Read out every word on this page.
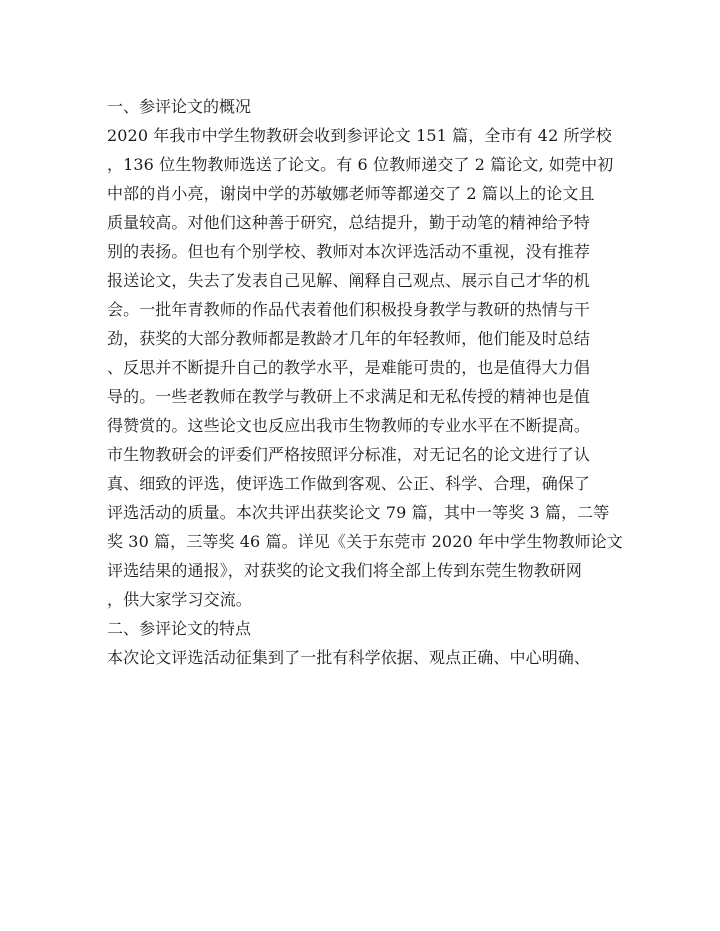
一、参评论文的概况
2020 年我市中学生物教研会收到参评论文 151 篇，全市有 42 所学校
，136 位生物教师选送了论文。有 6 位教师递交了 2 篇论文, 如莞中初
中部的肖小亮，谢岗中学的苏敏娜老师等都递交了 2 篇以上的论文且
质量较高。对他们这种善于研究，总结提升，勤于动笔的精神给予特
别的表扬。但也有个别学校、教师对本次评选活动不重视，没有推荐
报送论文，失去了发表自己见解、阐释自己观点、展示自己才华的机
会。一批年青教师的作品代表着他们积极投身教学与教研的热情与干
劲，获奖的大部分教师都是教龄才几年的年轻教师，他们能及时总结
、反思并不断提升自己的教学水平，是难能可贵的，也是值得大力倡
导的。一些老教师在教学与教研上不求满足和无私传授的精神也是值
得赞赏的。这些论文也反应出我市生物教师的专业水平在不断提高。
市生物教研会的评委们严格按照评分标准，对无记名的论文进行了认
真、细致的评选，使评选工作做到客观、公正、科学、合理，确保了
评选活动的质量。本次共评出获奖论文 79 篇，其中一等奖 3 篇，二等
奖 30 篇，三等奖 46 篇。详见《关于东莞市 2020 年中学生物教师论文
评选结果的通报》，对获奖的论文我们将全部上传到东莞生物教研网
，供大家学习交流。
二、参评论文的特点
本次论文评选活动征集到了一批有科学依据、观点正确、中心明确、
